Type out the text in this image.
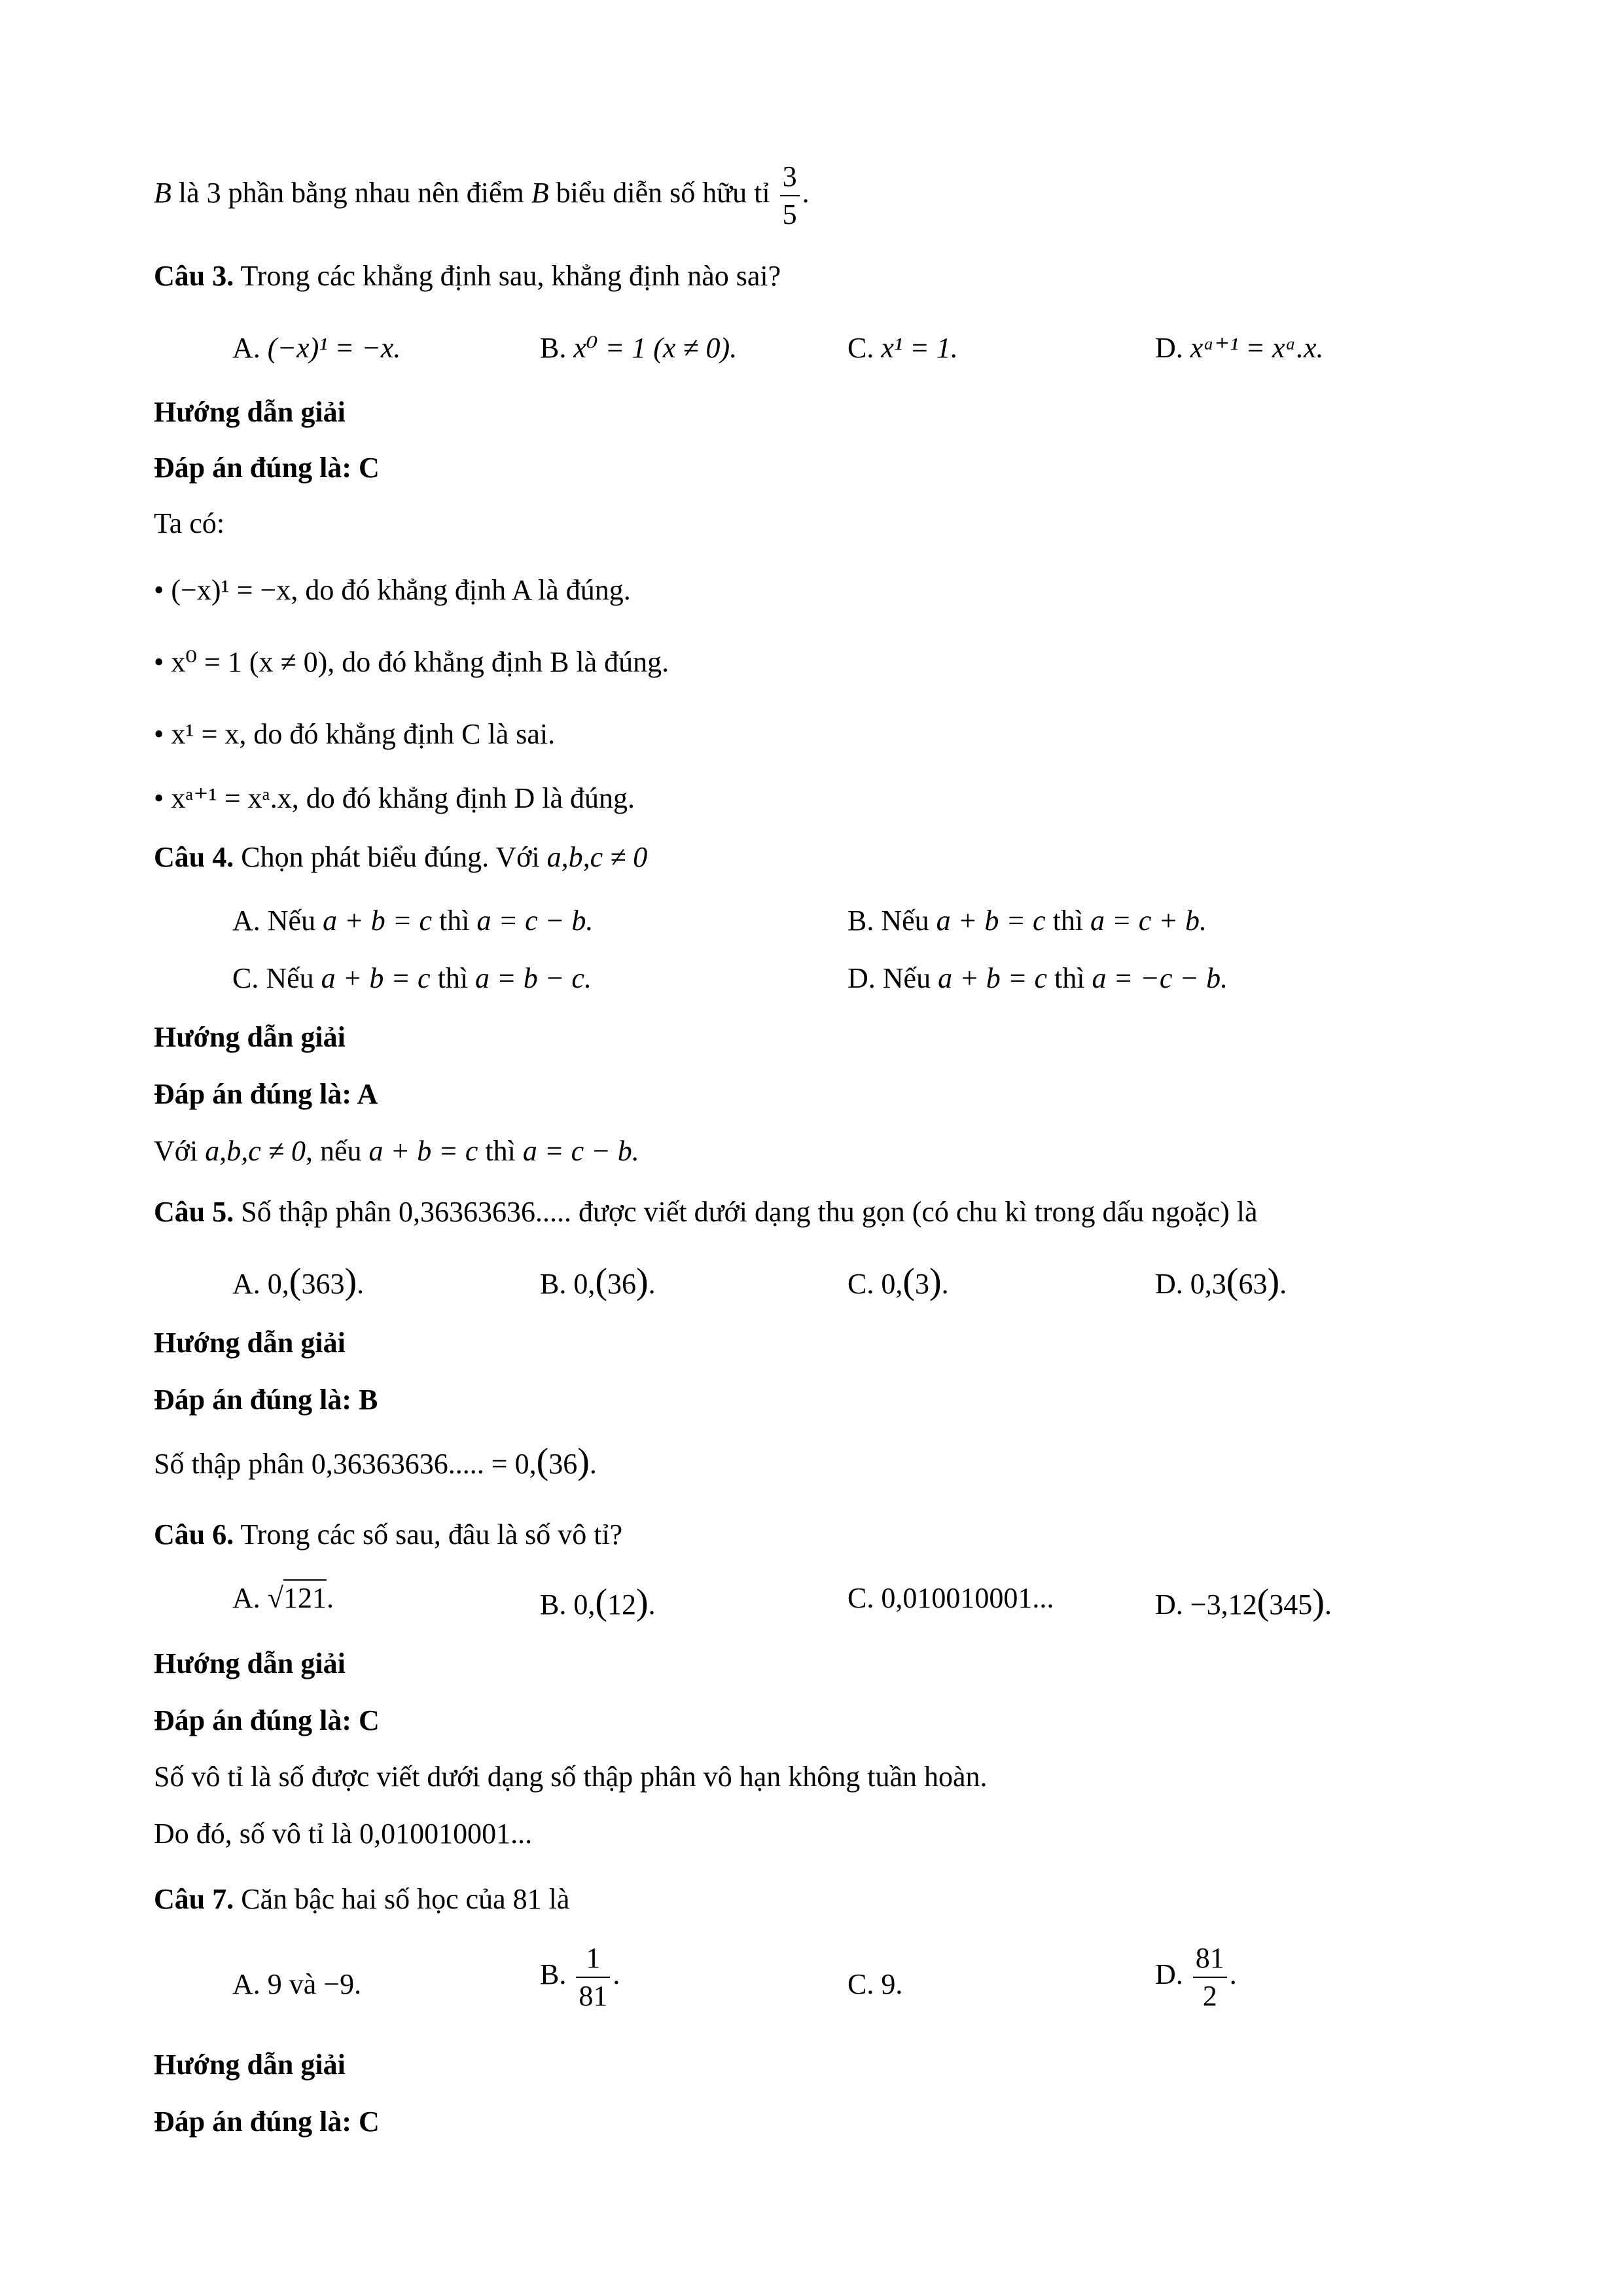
B là 3 phần bằng nhau nên điểm B biểu diễn số hữu tỉ $\frac{3}{5}$ .
Câu 3. Trong các khẳng định sau, khẳng định nào sai?
A. (−x)¹ = −x.	B. x⁰ = 1 (x ≠ 0).	C. x¹ = 1.	D. xᵃ⁺¹ = xᵃ.x.
Hướng dẫn giải
Đáp án đúng là: C
Ta có:
• (−x)¹ = −x, do đó khẳng định A là đúng.
• x⁰ = 1 (x ≠ 0), do đó khẳng định B là đúng.
• x¹ = x, do đó khẳng định C là sai.
• xᵃ⁺¹ = xᵃ.x, do đó khẳng định D là đúng.
Câu 4. Chọn phát biểu đúng. Với a,b,c ≠ 0
A. Nếu a + b = c thì a = c − b.	B. Nếu a + b = c thì a = c + b.
C. Nếu a + b = c thì a = b − c.	D. Nếu a + b = c thì a = −c − b.
Hướng dẫn giải
Đáp án đúng là: A
Với a,b,c ≠ 0, nếu a + b = c thì a = c − b.
Câu 5. Số thập phân 0,36363636..... được viết dưới dạng thu gọn (có chu kì trong dấu ngoặc) là
A. 0,(363).	B. 0,(36).	C. 0,(3).	D. 0,3(63).
Hướng dẫn giải
Đáp án đúng là: B
Số thập phân 0,36363636..... = 0,(36).
Câu 6. Trong các số sau, đâu là số vô tỉ?
A. √121.	B. 0,(12).	C. 0,010010001...	D. −3,12(345).
Hướng dẫn giải
Đáp án đúng là: C
Số vô tỉ là số được viết dưới dạng số thập phân vô hạn không tuần hoàn.
Do đó, số vô tỉ là 0,010010001...
Câu 7. Căn bậc hai số học của 81 là
A. 9 và −9.	B. $\frac{1}{81}$ .	C. 9.	D. $\frac{81}{2}$ .
Hướng dẫn giải
Đáp án đúng là: C
